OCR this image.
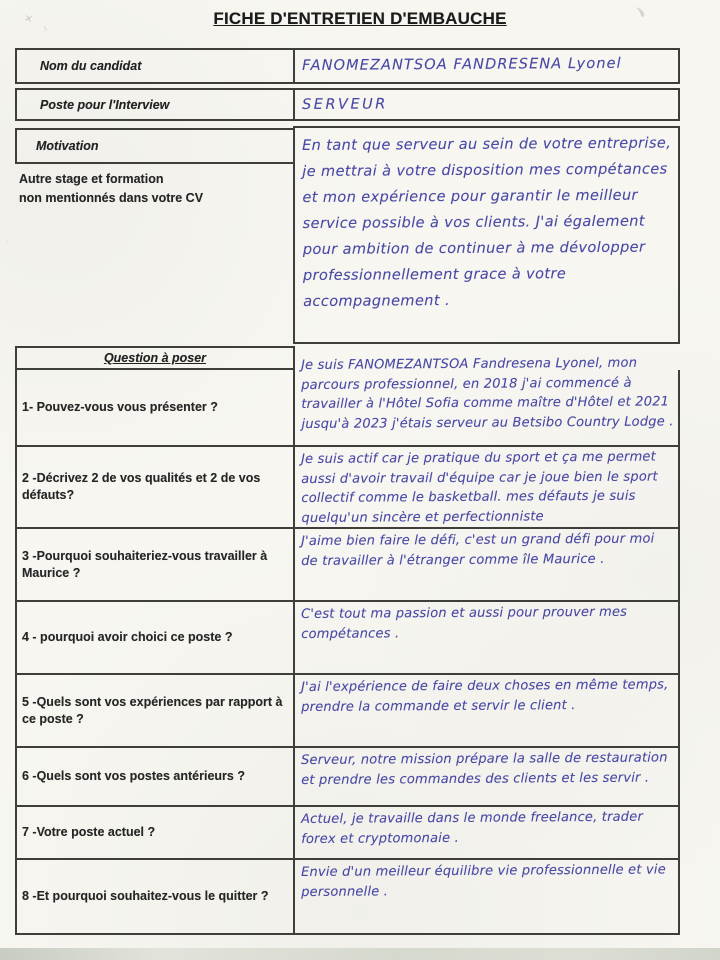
FICHE D'ENTRETIEN D'EMBAUCHE
✕
ᵡ
﹅
·
Nom du candidat	FANOMEZANTSOA FANDRESENA Lyonel
Poste pour l'Interview	SERVEUR
Motivation
Autre stage et formation
non mentionnés dans votre CV
En tant que serveur au sein de votre entreprise, je mettrai à votre disposition mes compétances et mon expérience pour garantir le meilleur service possible à vos clients. J'ai également pour ambition de continuer à me dévolopper professionnellement grace à votre accompagnement .
Question à poser
1- Pouvez-vous vous présenter ?
Je suis FANOMEZANTSOA Fandresena Lyonel, mon parcours professionnel, en 2018 j'ai commencé à travailler à l'Hôtel Sofia comme maître d'Hôtel et 2021 jusqu'à 2023 j'étais serveur au Betsibo Country Lodge .
2 -Décrivez 2 de vos qualités et 2 de vos défauts?
Je suis actif car je pratique du sport et ça me permet aussi d'avoir travail d'équipe car je joue bien le sport collectif comme le basketball. mes défauts je suis quelqu'un sincère et perfectionniste
3 -Pourquoi souhaiteriez-vous travailler à Maurice ?
J'aime bien faire le défi, c'est un grand défi pour moi de travailler à l'étranger comme île Maurice .
4 - pourquoi avoir choici ce poste ?
C'est tout ma passion et aussi pour prouver mes compétances .
5 -Quels sont vos expériences par rapport à ce poste ?
J'ai l'expérience de faire deux choses en même temps, prendre la commande et servir le client .
6 -Quels sont vos postes antérieurs ?
Serveur, notre mission prépare la salle de restauration et prendre les commandes des clients et les servir .
7 -Votre poste actuel ?
Actuel, je travaille dans le monde freelance, trader forex et cryptomonaie .
8 -Et pourquoi souhaitez-vous le quitter ?
Envie d'un meilleur équilibre vie professionnelle et vie personnelle .
